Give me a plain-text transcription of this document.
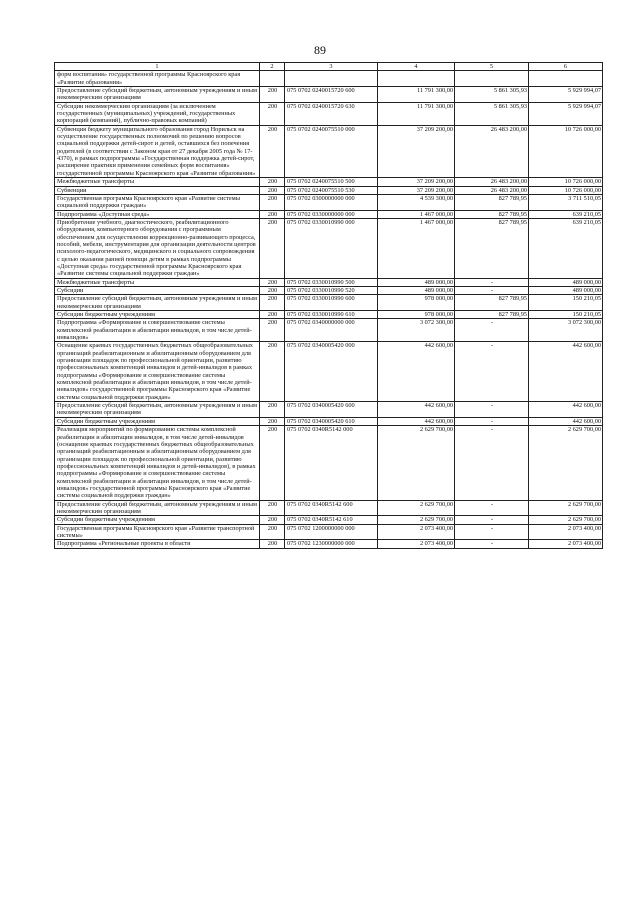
89
1	2	3	4	5	6
форм воспитания» государственной программы Красноярского края «Развитие образования»					
Предоставление субсидий бюджетным, автономным учреждениям и иным некоммерческим организациям	200	075 0702 0240015720 600	11 791 300,00	5 861 305,93	5 929 994,07
Субсидии некоммерческим организациям (за исключением государственных (муниципальных) учреждений, государственных корпораций (компаний), публично-правовых компаний)	200	075 0702 0240015720 630	11 791 300,00	5 861 305,93	5 929 994,07
Субвенция бюджету муниципального образования город Норильск на осуществление государственных полномочий по решению вопросов социальной поддержки детей-сирот и детей, оставшихся без попечения родителей (в соответствии с Законом края от 27 декабря 2005 года № 17-4370), в рамках подпрограммы «Государственная поддержка детей-сирот, расширение практики применения семейных форм воспитания» государственной программы Красноярского края «Развитие образования»	200	075 0702 0240075510 000	37 209 200,00	26 483 200,00	10 726 000,00
Межбюджетные трансферты	200	075 0702 0240075510 500	37 209 200,00	26 483 200,00	10 726 000,00
Субвенции	200	075 0702 0240075510 530	37 209 200,00	26 483 200,00	10 726 000,00
Государственная программа Красноярского края «Развитие системы социальной поддержки граждан»	200	075 0702 0300000000 000	4 539 300,00	827 789,95	3 711 510,05
Подпрограмма «Доступная среда»	200	075 0702 0330000000 000	1 467 000,00	827 789,95	639 210,05
Приобретение учебного, диагностического, реабилитационного оборудования, компьютерного оборудования с программным обеспечением для осуществления коррекционно-развивающего процесса, пособий, мебели, инструментария для организации деятельности центров психолого-педагогического, медицинского и социального сопровождения с целью оказания ранней помощи детям в рамках подпрограммы «Доступная среда» государственной программы Красноярского края «Развитие системы социальной поддержки граждан»	200	075 0702 0330010990 000	1 467 000,00	827 789,95	639 210,05
Межбюджетные трансферты	200	075 0702 0330010990 500	489 000,00	-	489 000,00
Субсидии	200	075 0702 0330010990 520	489 000,00	-	489 000,00
Предоставление субсидий бюджетным, автономным учреждениям и иным некоммерческим организациям	200	075 0702 0330010990 600	978 000,00	827 789,95	150 210,05
Субсидии бюджетным учреждениям	200	075 0702 0330010990 610	978 000,00	827 789,95	150 210,05
Подпрограмма «Формирование и совершенствование системы комплексной реабилитации и абилитации инвалидов, в том числе детей-инвалидов»	200	075 0702 0340000000 000	3 072 300,00	-	3 072 300,00
Оснащение краевых государственных бюджетных общеобразовательных организаций реабилитационным и абилитационным оборудованием для организации площадок по профессиональной ориентации, развитию профессиональных компетенций инвалидов и детей-инвалидов в рамках подпрограммы «Формирование и совершенствование системы комплексной реабилитации и абилитации инвалидов, в том числе детей-инвалидов» государственной программы Красноярского края «Развитие системы социальной поддержки граждан»	200	075 0702 0340005420 000	442 600,00	-	442 600,00
Предоставление субсидий бюджетным, автономным учреждениям и иным некоммерческим организациям	200	075 0702 0340005420 600	442 600,00	-	442 600,00
Субсидии бюджетным учреждениям	200	075 0702 0340005420 610	442 600,00	-	442 600,00
Реализация мероприятий по формированию системы комплексной реабилитации и абилитации инвалидов, в том числе детей-инвалидов (оснащение краевых государственных бюджетных общеобразовательных организаций реабилитационным и абилитационным оборудованием для организации площадок по профессиональной ориентации, развитию профессиональных компетенций инвалидов и детей-инвалидов), в рамках подпрограммы «Формирование и совершенствование системы комплексной реабилитации и абилитации инвалидов, в том числе детей-инвалидов» государственной программы Красноярского края «Развитие системы социальной поддержки граждан»	200	075 0702 0340R5142 000	2 629 700,00	-	2 629 700,00
Предоставление субсидий бюджетным, автономным учреждениям и иным некоммерческим организациям	200	075 0702 0340R5142 600	2 629 700,00	-	2 629 700,00
Субсидии бюджетным учреждениям	200	075 0702 0340R5142 610	2 629 700,00	-	2 629 700,00
Государственная программа Красноярского края «Развитие транспортной системы»	200	075 0702 1200000000 000	2 073 400,00	-	2 073 400,00
Подпрограмма «Региональные проекты в области	200	075 0702 1230000000 000	2 073 400,00	-	2 073 400,00
